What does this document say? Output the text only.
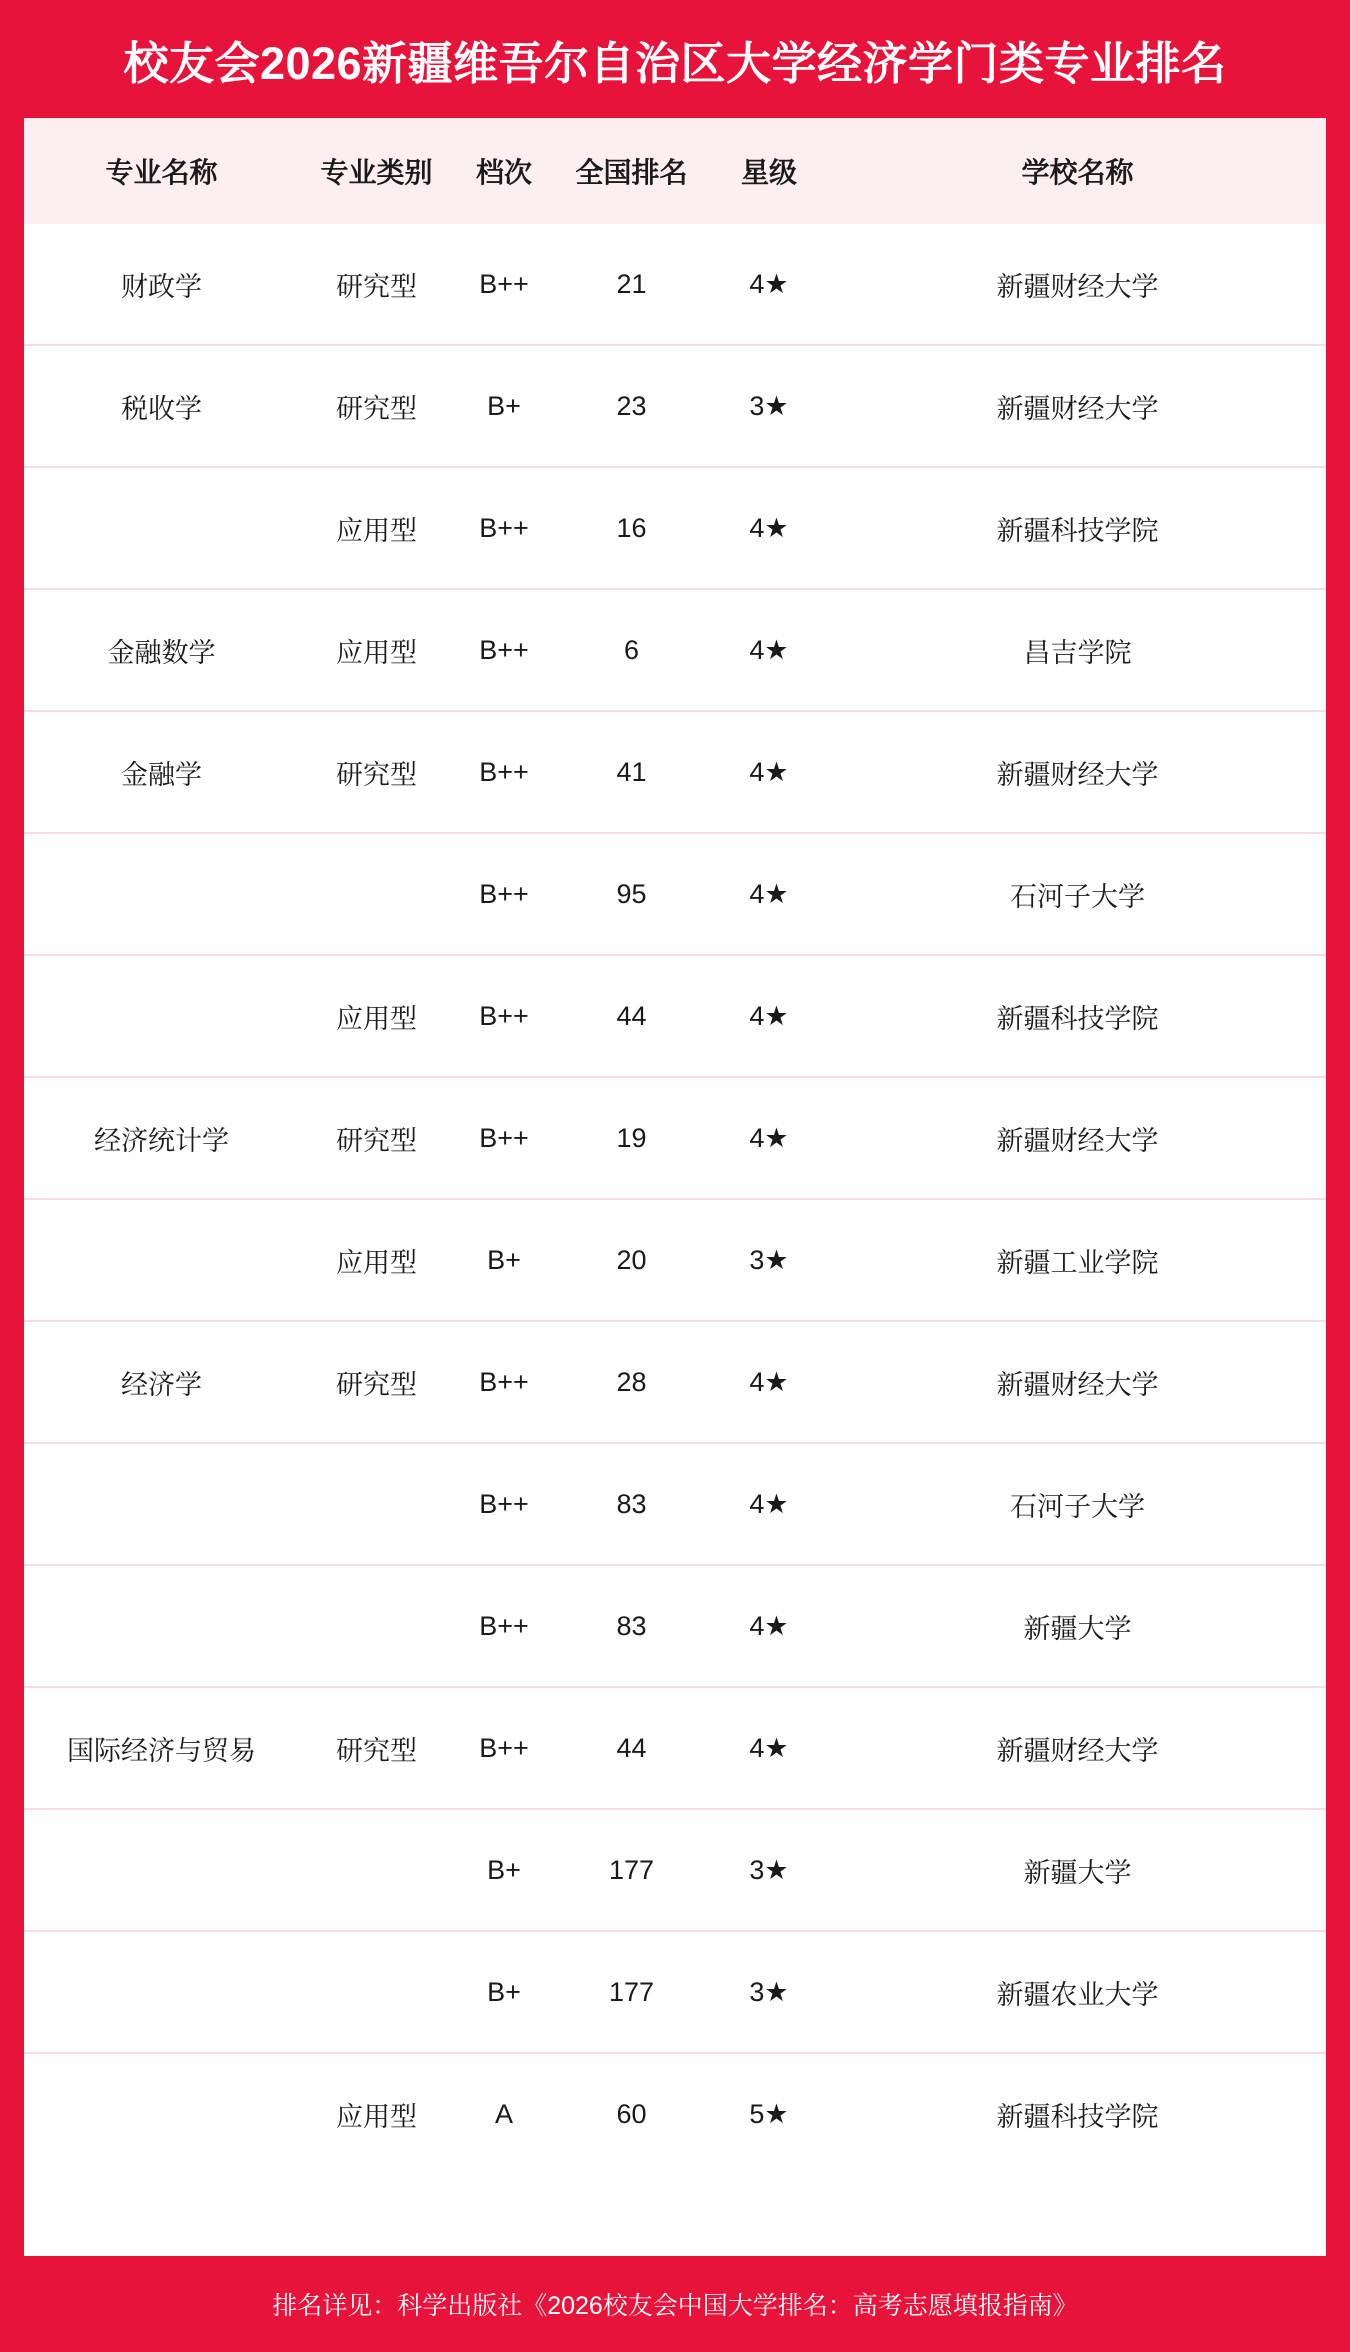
校友会2026新疆维吾尔自治区大学经济学门类专业排名
专业名称	专业类别	档次	全国排名	星级	学校名称
财政学	研究型	B++	21	4★	新疆财经大学
税收学	研究型	B+	23	3★	新疆财经大学
	应用型	B++	16	4★	新疆科技学院
金融数学	应用型	B++	6	4★	昌吉学院
金融学	研究型	B++	41	4★	新疆财经大学
		B++	95	4★	石河子大学
	应用型	B++	44	4★	新疆科技学院
经济统计学	研究型	B++	19	4★	新疆财经大学
	应用型	B+	20	3★	新疆工业学院
经济学	研究型	B++	28	4★	新疆财经大学
		B++	83	4★	石河子大学
		B++	83	4★	新疆大学
国际经济与贸易	研究型	B++	44	4★	新疆财经大学
		B+	177	3★	新疆大学
		B+	177	3★	新疆农业大学
	应用型	A	60	5★	新疆科技学院
排名详见：科学出版社《2026校友会中国大学排名：高考志愿填报指南》
